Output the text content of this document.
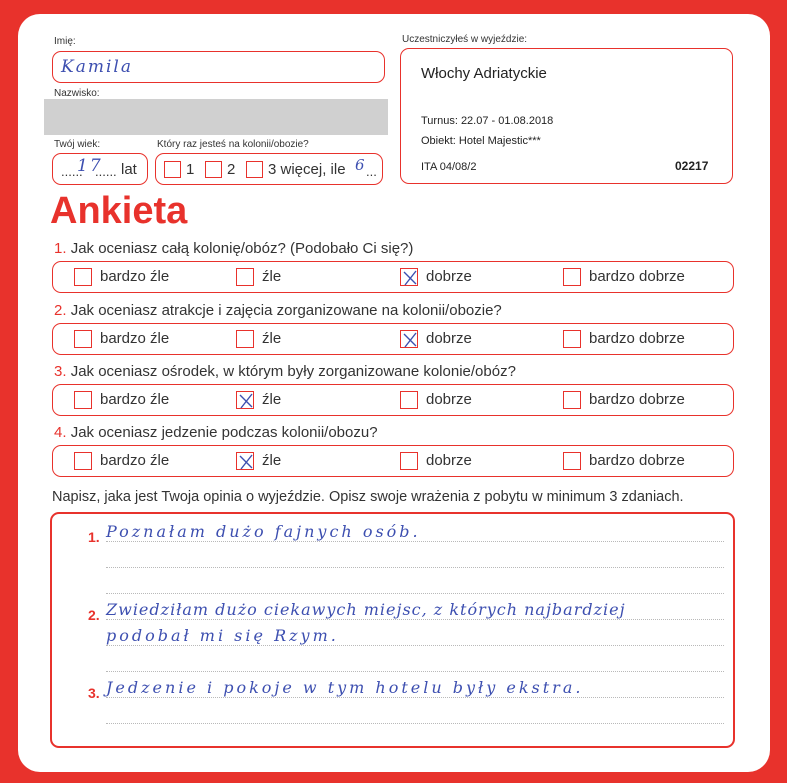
Imię:
Kamila
Nazwisko:
Twój wiek:
......
17
...... lat
Który raz jesteś na kolonii/obozie?
1 2 3 więcej, ile 6 ...
Uczestniczyłeś w wyjeździe:
Włochy Adriatyckie
Turnus: 22.07 - 01.08.2018
Obiekt: Hotel Majestic***
ITA 04/08/2	02217
Ankieta
1. Jak oceniasz całą kolonię/obóz? (Podobało Ci się?)
bardzo źle	źle	dobrze	bardzo dobrze
2. Jak oceniasz atrakcje i zajęcia zorganizowane na kolonii/obozie?
bardzo źle	źle	dobrze	bardzo dobrze
3. Jak oceniasz ośrodek, w którym były zorganizowane kolonie/obóz?
bardzo źle	źle	dobrze	bardzo dobrze
4. Jak oceniasz jedzenie podczas kolonii/obozu?
bardzo źle	źle	dobrze	bardzo dobrze
Napisz, jaka jest Twoja opinia o wyjeździe. Opisz swoje wrażenia z pobytu w minimum 3 zdaniach.
1. Poznałam dużo fajnych osób.
2. Zwiedziłam dużo ciekawych miejsc, z których najbardziej
podobał mi się Rzym.
3. Jedzenie i pokoje w tym hotelu były ekstra.
